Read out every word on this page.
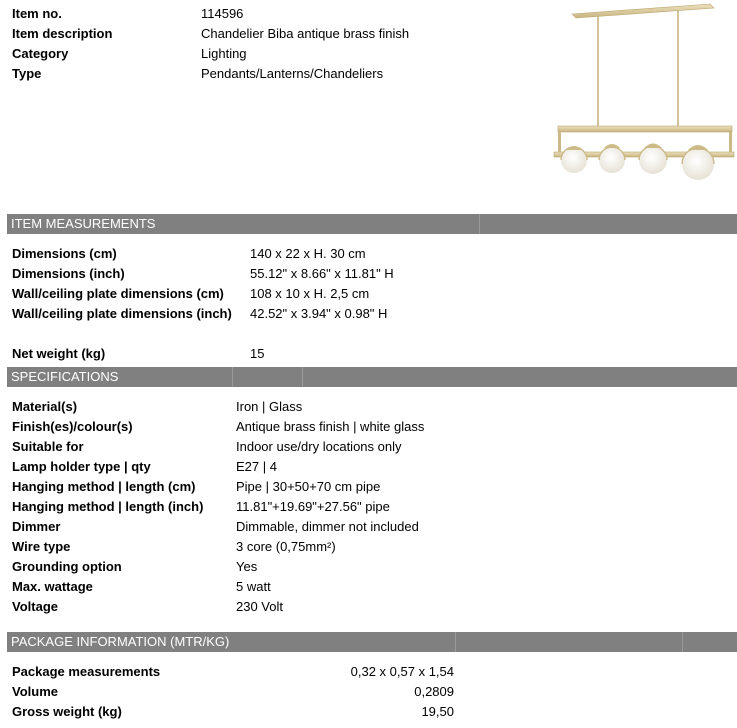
Item no.	114596
Item description	Chandelier Biba antique brass finish
Category	Lighting
Type	Pendants/Lanterns/Chandeliers
ITEM MEASUREMENTS
Dimensions (cm)	140 x 22 x H. 30 cm
Dimensions (inch)	55.12" x 8.66" x 11.81" H
Wall/ceiling plate dimensions (cm) 108 x 10 x H. 2,5 cm
Wall/ceiling plate dimensions (inch) 42.52" x 3.94" x 0.98" H
Net weight (kg)	15
SPECIFICATIONS
Material(s)	Iron | Glass
Finish(es)/colour(s)	Antique brass finish | white glass
Suitable for	Indoor use/dry locations only
Lamp holder type | qty	E27 | 4
Hanging method | length (cm)	Pipe | 30+50+70 cm pipe
Hanging method | length (inch)	11.81"+19.69"+27.56" pipe
Dimmer	Dimmable, dimmer not included
Wire type	3 core (0,75mm²)
Grounding option	Yes
Max. wattage	5 watt
Voltage	230 Volt
PACKAGE INFORMATION (MTR/KG)
Package measurements	0,32 x 0,57 x 1,54
Volume	0,2809
Gross weight (kg)	19,50
